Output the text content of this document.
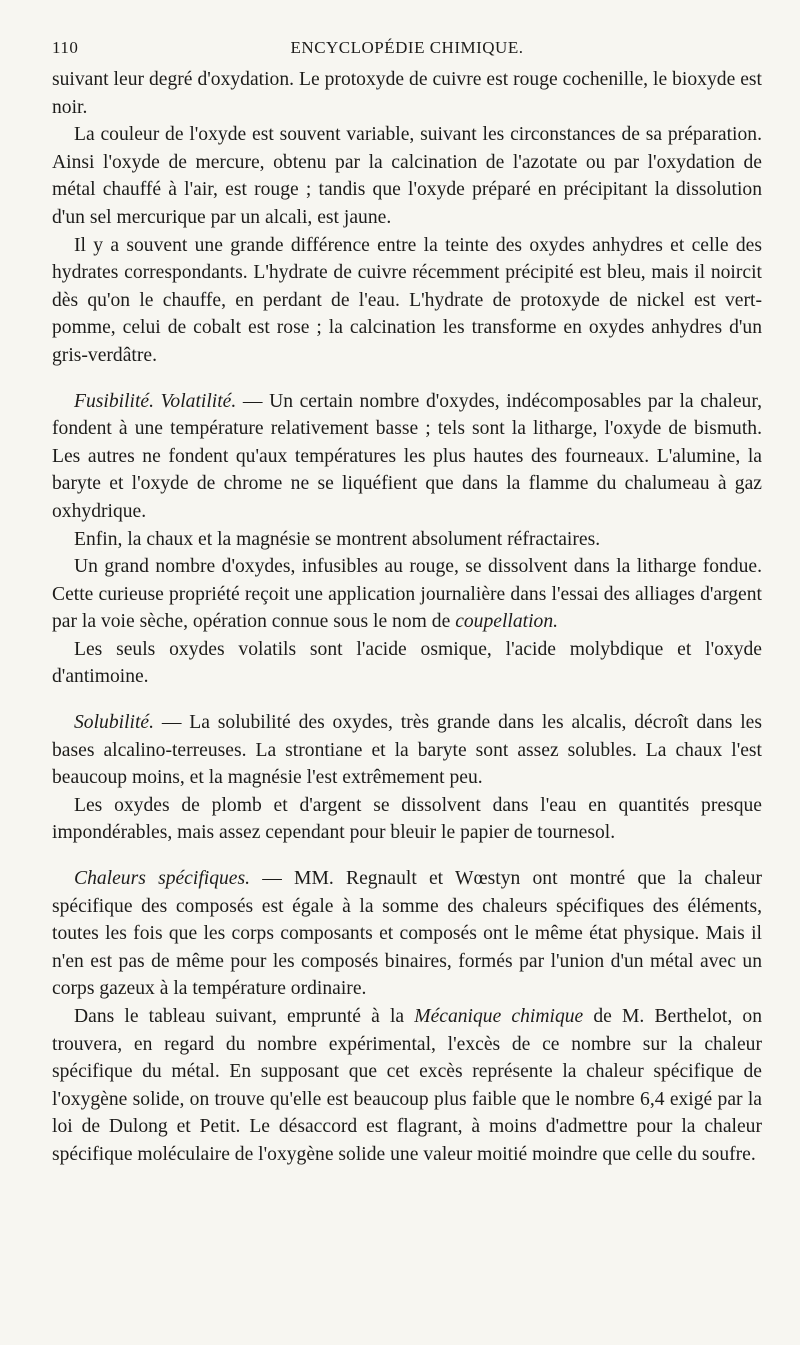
110	ENCYCLOPÉDIE CHIMIQUE.

suivant leur degré d'oxydation. Le protoxyde de cuivre est rouge cochenille, le bioxyde est noir.

La couleur de l'oxyde est souvent variable, suivant les circonstances de sa préparation. Ainsi l'oxyde de mercure, obtenu par la calcination de l'azotate ou par l'oxydation de métal chauffé à l'air, est rouge ; tandis que l'oxyde préparé en précipitant la dissolution d'un sel mercurique par un alcali, est jaune.

Il y a souvent une grande différence entre la teinte des oxydes anhydres et celle des hydrates correspondants. L'hydrate de cuivre récemment précipité est bleu, mais il noircit dès qu'on le chauffe, en perdant de l'eau. L'hydrate de protoxyde de nickel est vert-pomme, celui de cobalt est rose ; la calcination les transforme en oxydes anhydres d'un gris-verdâtre.

Fusibilité. Volatilité. — Un certain nombre d'oxydes, indécomposables par la chaleur, fondent à une température relativement basse ; tels sont la litharge, l'oxyde de bismuth. Les autres ne fondent qu'aux températures les plus hautes des fourneaux. L'alumine, la baryte et l'oxyde de chrome ne se liquéfient que dans la flamme du chalumeau à gaz oxhydrique.

Enfin, la chaux et la magnésie se montrent absolument réfractaires.

Un grand nombre d'oxydes, infusibles au rouge, se dissolvent dans la litharge fondue. Cette curieuse propriété reçoit une application journalière dans l'essai des alliages d'argent par la voie sèche, opération connue sous le nom de coupellation.

Les seuls oxydes volatils sont l'acide osmique, l'acide molybdique et l'oxyde d'antimoine.

Solubilité. — La solubilité des oxydes, très grande dans les alcalis, décroît dans les bases alcalino-terreuses. La strontiane et la baryte sont assez solubles. La chaux l'est beaucoup moins, et la magnésie l'est extrêmement peu.

Les oxydes de plomb et d'argent se dissolvent dans l'eau en quantités presque impondérables, mais assez cependant pour bleuir le papier de tournesol.

Chaleurs spécifiques. — MM. Regnault et Wœstyn ont montré que la chaleur spécifique des composés est égale à la somme des chaleurs spécifiques des éléments, toutes les fois que les corps composants et composés ont le même état physique. Mais il n'en est pas de même pour les composés binaires, formés par l'union d'un métal avec un corps gazeux à la température ordinaire.

Dans le tableau suivant, emprunté à la Mécanique chimique de M. Berthelot, on trouvera, en regard du nombre expérimental, l'excès de ce nombre sur la chaleur spécifique du métal. En supposant que cet excès représente la chaleur spécifique de l'oxygène solide, on trouve qu'elle est beaucoup plus faible que le nombre 6,4 exigé par la loi de Dulong et Petit. Le désaccord est flagrant, à moins d'admettre pour la chaleur spécifique moléculaire de l'oxygène solide une valeur moitié moindre que celle du soufre.
